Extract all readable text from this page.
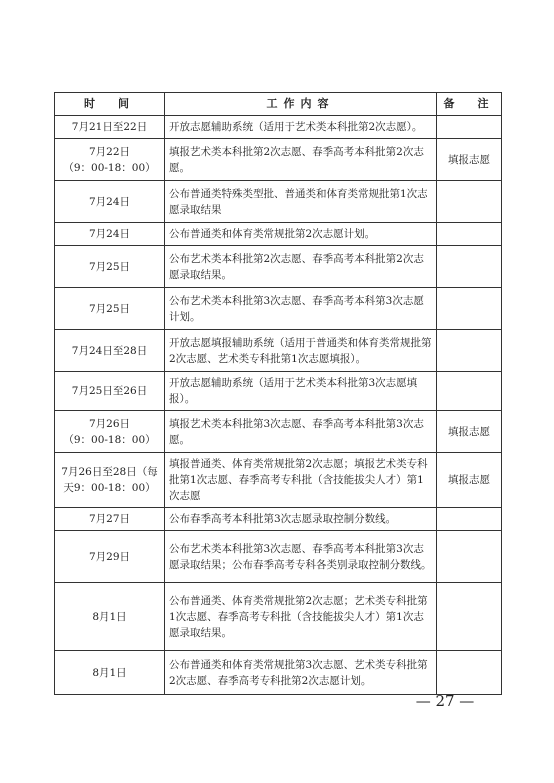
时　间	工作内容	备　注

7月21日至22日	开放志愿辅助系统（适用于艺术类本科批第2次志愿）。	

7月22日
（9：00-18：00）	填报艺术类本科批第2次志愿、春季高考本科批第2次志愿。	填报志愿

7月24日	公布普通类特殊类型批、普通类和体育类常规批第1次志愿录取结果	

7月24日	公布普通类和体育类常规批第2次志愿计划。	

7月25日	公布艺术类本科批第2次志愿、春季高考本科批第2次志愿录取结果。	

7月25日	公布艺术类本科批第3次志愿、春季高考本科第3次志愿计划。	

7月24日至28日	开放志愿填报辅助系统（适用于普通类和体育类常规批第2次志愿、艺术类专科批第1次志愿填报）。	

7月25日至26日	开放志愿辅助系统（适用于艺术类本科批第3次志愿填报）。	

7月26日
（9：00-18：00）	填报艺术类本科批第3次志愿、春季高考本科批第3次志愿。	填报志愿

7月26日至28日（每天9：00-18：00）	填报普通类、体育类常规批第2次志愿；填报艺术类专科批第1次志愿、春季高考专科批（含技能拔尖人才）第1次志愿	填报志愿

7月27日	公布春季高考本科批第3次志愿录取控制分数线。	

7月29日	公布艺术类本科批第3次志愿、春季高考本科批第3次志愿录取结果；公布春季高考专科各类别录取控制分数线。	

8月1日	公布普通类、体育类常规批第2次志愿；艺术类专科批第1次志愿、春季高考专科批（含技能拔尖人才）第1次志愿录取结果。	

8月1日	公布普通类和体育类常规批第3次志愿、艺术类专科批第2次志愿、春季高考专科批第2次志愿计划。	
— 27 —
